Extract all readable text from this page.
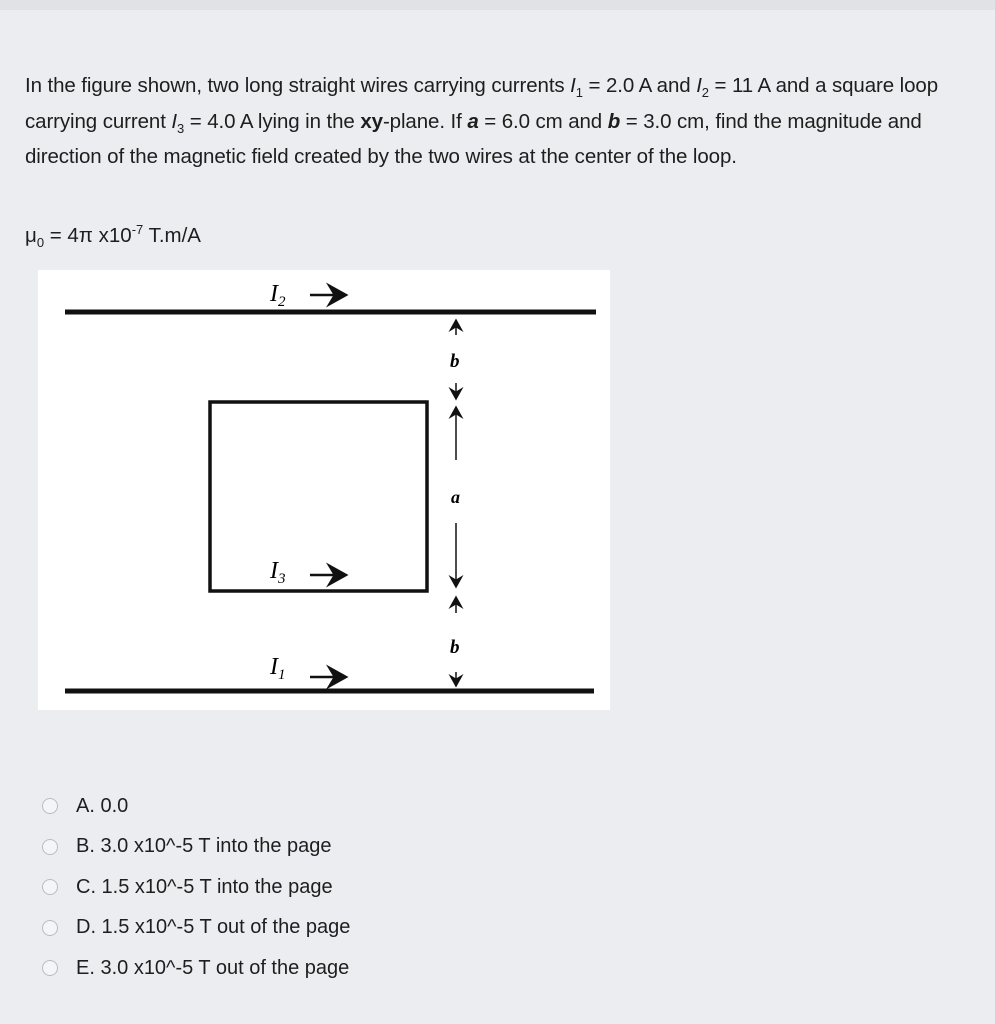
In the figure shown, two long straight wires carrying currents $I_1 = 2.0$ A and $I_2 = 11$ A and a square loop carrying current $I_3 = 4.0$ A lying in the xy-plane. If a = 6.0 cm and b = 3.0 cm, find the magnitude and direction of the magnetic field created by the two wires at the center of the loop.

$\mu_0 = 4\pi$ $x10^{-7}$ T.m/A
$I_2$
$I_3$
$I_1$
b
a
b
A. 0.0
B. 3.0 x10^-5 T into the page
C. 1.5 x10^-5 T into the page
D. 1.5 x10^-5 T out of the page
E. 3.0 x10^-5 T out of the page
